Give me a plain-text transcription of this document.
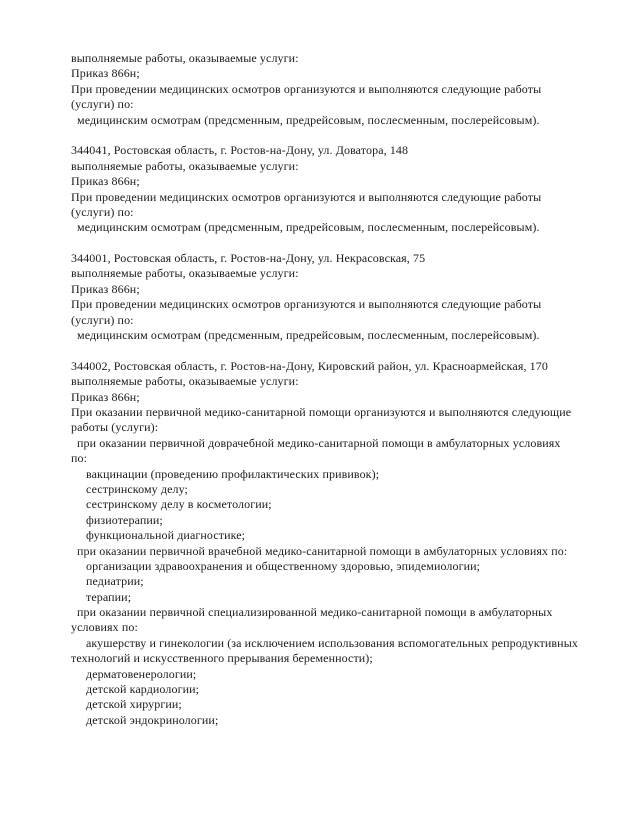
выполняемые работы, оказываемые услуги:
Приказ 866н;
При проведении медицинских осмотров организуются и выполняются следующие работы
(услуги) по:
медицинским осмотрам (предсменным, предрейсовым, послесменным, послерейсовым).

344041, Ростовская область, г. Ростов-на-Дону, ул. Доватора, 148
выполняемые работы, оказываемые услуги:
Приказ 866н;
При проведении медицинских осмотров организуются и выполняются следующие работы
(услуги) по:
медицинским осмотрам (предсменным, предрейсовым, послесменным, послерейсовым).

344001, Ростовская область, г. Ростов-на-Дону, ул. Некрасовская, 75
выполняемые работы, оказываемые услуги:
Приказ 866н;
При проведении медицинских осмотров организуются и выполняются следующие работы
(услуги) по:
медицинским осмотрам (предсменным, предрейсовым, послесменным, послерейсовым).

344002, Ростовская область, г. Ростов-на-Дону, Кировский район, ул. Красноармейская, 170
выполняемые работы, оказываемые услуги:
Приказ 866н;
При оказании первичной медико-санитарной помощи организуются и выполняются следующие
работы (услуги):
при оказании первичной доврачебной медико-санитарной помощи в амбулаторных условиях
по:
вакцинации (проведению профилактических прививок);
сестринскому делу;
сестринскому делу в косметологии;
физиотерапии;
функциональной диагностике;
при оказании первичной врачебной медико-санитарной помощи в амбулаторных условиях по:
организации здравоохранения и общественному здоровью, эпидемиологии;
педиатрии;
терапии;
при оказании первичной специализированной медико-санитарной помощи в амбулаторных
условиях по:
акушерству и гинекологии (за исключением использования вспомогательных репродуктивных
технологий и искусственного прерывания беременности);
дерматовенерологии;
детской кардиологии;
детской хирургии;
детской эндокринологии;
